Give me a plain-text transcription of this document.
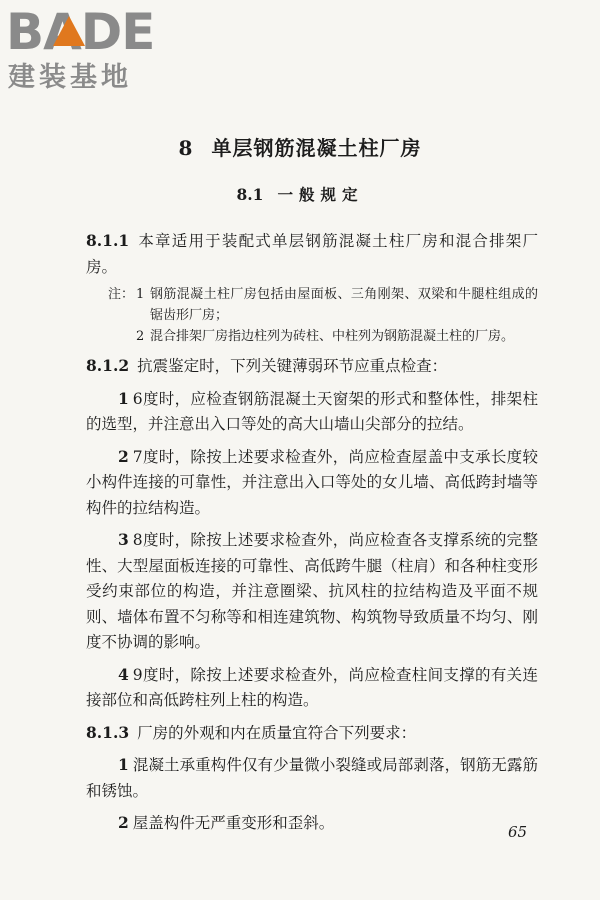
BADE
建装基地
8 单层钢筋混凝土柱厂房
8.1 一般规定

8.1.1 本章适用于装配式单层钢筋混凝土柱厂房和混合排架厂房。

注： 1 钢筋混凝土柱厂房包括由屋面板、三角刚架、双梁和牛腿柱组成的锯齿形厂房；
2 混合排架厂房指边柱列为砖柱、中柱列为钢筋混凝土柱的厂房。

8.1.2 抗震鉴定时，下列关键薄弱环节应重点检查：

1 6度时，应检查钢筋混凝土天窗架的形式和整体性，排架柱的选型，并注意出入口等处的高大山墙山尖部分的拉结。

2 7度时，除按上述要求检查外，尚应检查屋盖中支承长度较小构件连接的可靠性，并注意出入口等处的女儿墙、高低跨封墙等构件的拉结构造。

3 8度时，除按上述要求检查外，尚应检查各支撑系统的完整性、大型屋面板连接的可靠性、高低跨牛腿（柱肩）和各种柱变形受约束部位的构造，并注意圈梁、抗风柱的拉结构造及平面不规则、墙体布置不匀称等和相连建筑物、构筑物导致质量不均匀、刚度不协调的影响。

4 9度时，除按上述要求检查外，尚应检查柱间支撑的有关连接部位和高低跨柱列上柱的构造。

8.1.3 厂房的外观和内在质量宜符合下列要求：

1 混凝土承重构件仅有少量微小裂缝或局部剥落，钢筋无露筋和锈蚀。

2 屋盖构件无严重变形和歪斜。	65
